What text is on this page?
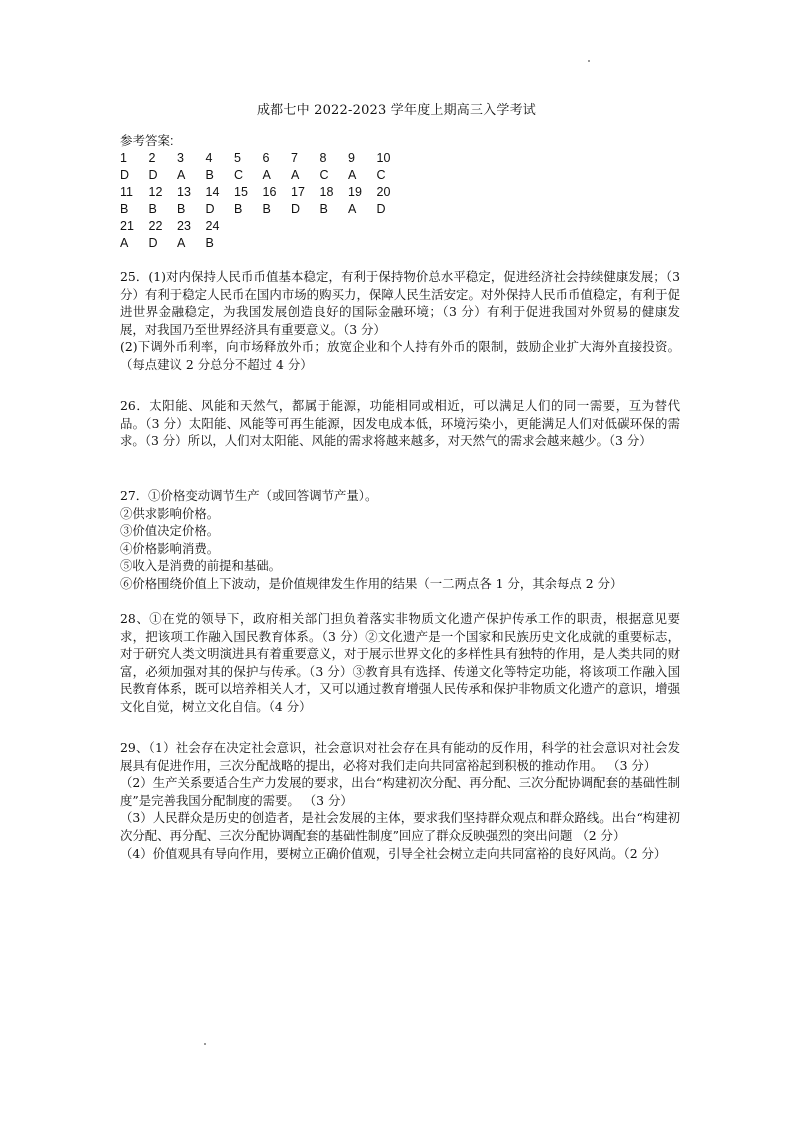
成都七中 2022-2023 学年度上期高三入学考试
参考答案:
1	2	3	4	5	6	7	8	9	10
D	D	A	B	C	A	A	C	A	C
11	12	13	14	15	16	17	18	19	20
B	B	B	D	B	B	D	B	A	D
21	22	23	24
A	D	A	B

25．(1)对内保持人民币币值基本稳定，有利于保持物价总水平稳定，促进经济社会持续健康发展；（3 分）有利于稳定人民币在国内市场的购买力，保障人民生活安定。对外保持人民币币值稳定，有利于促进世界金融稳定，为我国发展创造良好的国际金融环境；（3 分）有利于促进我国对外贸易的健康发展，对我国乃至世界经济具有重要意义。（3 分）

(2)下调外币利率，向市场释放外币；放宽企业和个人持有外币的限制，鼓励企业扩大海外直接投资。（每点建议 2 分总分不超过 4 分）

26．太阳能、风能和天然气，都属于能源，功能相同或相近，可以满足人们的同一需要，互为替代品。（3 分）太阳能、风能等可再生能源，因发电成本低，环境污染小，更能满足人们对低碳环保的需求。（3 分）所以，人们对太阳能、风能的需求将越来越多，对天然气的需求会越来越少。（3 分）

27．①价格变动调节生产（或回答调节产量）。

②供求影响价格。

③价值决定价格。

④价格影响消费。

⑤收入是消费的前提和基础。

⑥价格围绕价值上下波动，是价值规律发生作用的结果（一二两点各 1 分，其余每点 2 分）

28、①在党的领导下，政府相关部门担负着落实非物质文化遗产保护传承工作的职责，根据意见要求，把该项工作融入国民教育体系。（3 分）②文化遗产是一个国家和民族历史文化成就的重要标志，对于研究人类文明演进具有着重要意义，对于展示世界文化的多样性具有独特的作用，是人类共同的财富，必须加强对其的保护与传承。（3 分）③教育具有选择、传递文化等特定功能，将该项工作融入国民教育体系，既可以培养相关人才，又可以通过教育增强人民传承和保护非物质文化遗产的意识，增强文化自觉，树立文化自信。（4 分）

29、（1）社会存在决定社会意识，社会意识对社会存在具有能动的反作用，科学的社会意识对社会发展具有促进作用，三次分配战略的提出，必将对我们走向共同富裕起到积极的推动作用。 （3 分）

（2）生产关系要适合生产力发展的要求，出台“构建初次分配、再分配、三次分配协调配套的基础性制度”是完善我国分配制度的需要。 （3 分）

（3）人民群众是历史的创造者，是社会发展的主体，要求我们坚持群众观点和群众路线。出台“构建初次分配、再分配、三次分配协调配套的基础性制度”回应了群众反映强烈的突出问题 （2 分）

（4）价值观具有导向作用，要树立正确价值观，引导全社会树立走向共同富裕的良好风尚。（2 分）
